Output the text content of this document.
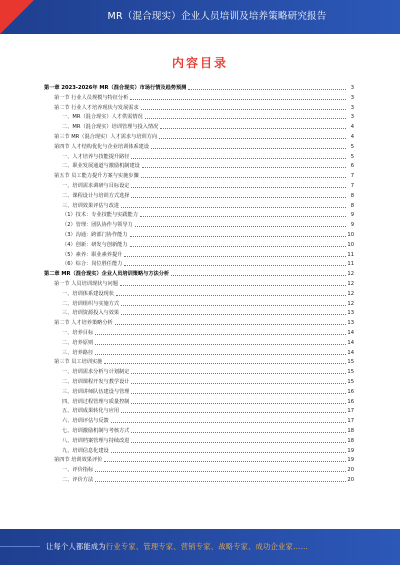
MR（混合现实）企业人员培训及培养策略研究报告
内容目录
第一章 2023-2026年 MR（混合现实）市场行情及趋势预测	3
第一节 行业人员规模与特征分析	3
第二节 行业人才培养现状与发展需求	3
一、MR（混合现实）人才供需情况	3
二、MR（混合现实）培训管理与投入情况	4
第三节 MR（混合现实）人才需求与培训方向	4
第四节 人才结构优化与企业培训体系建设	5
一、人才培养与技能提升路径	5
二、职业发展通道与激励机制建设	6
第五节 员工能力提升方案与实施步骤	7
一、培训需求调研与目标设定	7
二、课程设计与培训方式选择	8
三、培训效果评估与改进	8
（1）技术：专业技能与实践能力	9
（2）管理：团队协作与领导力	9
（3）沟通：跨部门协作能力	10
（4）创新：研发与创新能力	10
（5）素养：职业素养提升	11
（6）综合：岗位胜任能力	11
第二章 MR（混合现实）企业人员培训策略与方法分析	12
第一节 人员培训现状与问题	12
一、培训体系建设现状	12
二、培训组织与实施方式	12
三、培训资源投入与效果	13
第二节 人才培养策略分析	13
一、培养目标	14
二、培养原则	14
三、培养路径	14
第三节 员工培训实施	15
一、培训需求分析与计划制定	15
二、培训课程开发与教学设计	15
三、培训讲师队伍建设与管理	16
四、培训过程管理与质量控制	16
五、培训成果转化与应用	17
六、培训评估与反馈	17
七、培训激励机制与考核方式	18
八、培训档案管理与持续改进	18
九、培训信息化建设	19
第四节 培训效果评价	19
一、评价指标	20
二、评价方法	20
让每个人都能成为行业专家、管理专家、营销专家、战略专家、成功企业家……
